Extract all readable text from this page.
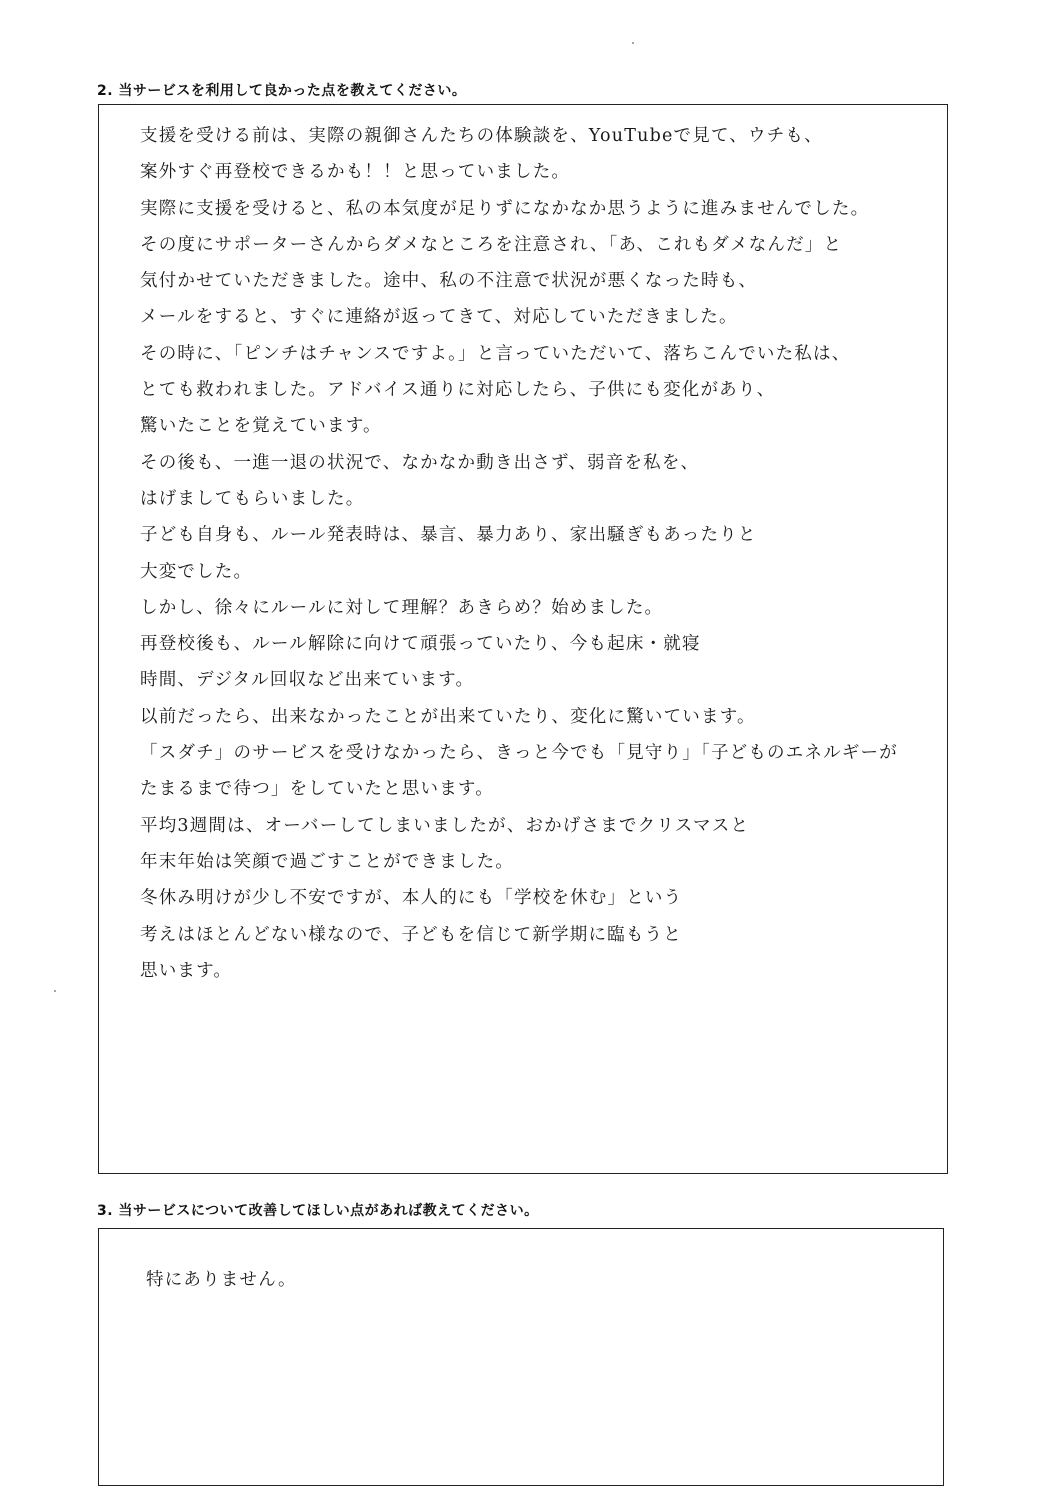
2. 当サービスを利用して良かった点を教えてください。
支援を受ける前は、実際の親御さんたちの体験談を、YouTubeで見て、ウチも、
案外すぐ再登校できるかも！！と思っていました。
実際に支援を受けると、私の本気度が足りずになかなか思うように進みませんでした。
その度にサポーターさんからダメなところを注意され、「あ、これもダメなんだ」と
気付かせていただきました。途中、私の不注意で状況が悪くなった時も、
メールをすると、すぐに連絡が返ってきて、対応していただきました。
その時に、「ピンチはチャンスですよ。」と言っていただいて、落ちこんでいた私は、
とても救われました。アドバイス通りに対応したら、子供にも変化があり、
驚いたことを覚えています。
その後も、一進一退の状況で、なかなか動き出さず、弱音を私を、
はげましてもらいました。
子ども自身も、ルール発表時は、暴言、暴力あり、家出騒ぎもあったりと
大変でした。
しかし、徐々にルールに対して理解？あきらめ？始めました。
再登校後も、ルール解除に向けて頑張っていたり、今も起床・就寝
時間、デジタル回収など出来ています。
以前だったら、出来なかったことが出来ていたり、変化に驚いています。
「スダチ」のサービスを受けなかったら、きっと今でも「見守り」「子どものエネルギーが
たまるまで待つ」をしていたと思います。
平均3週間は、オーバーしてしまいましたが、おかげさまでクリスマスと
年末年始は笑顔で過ごすことができました。
冬休み明けが少し不安ですが、本人的にも「学校を休む」という
考えはほとんどない様なので、子どもを信じて新学期に臨もうと
思います。
3. 当サービスについて改善してほしい点があれば教えてください。
特にありません。
